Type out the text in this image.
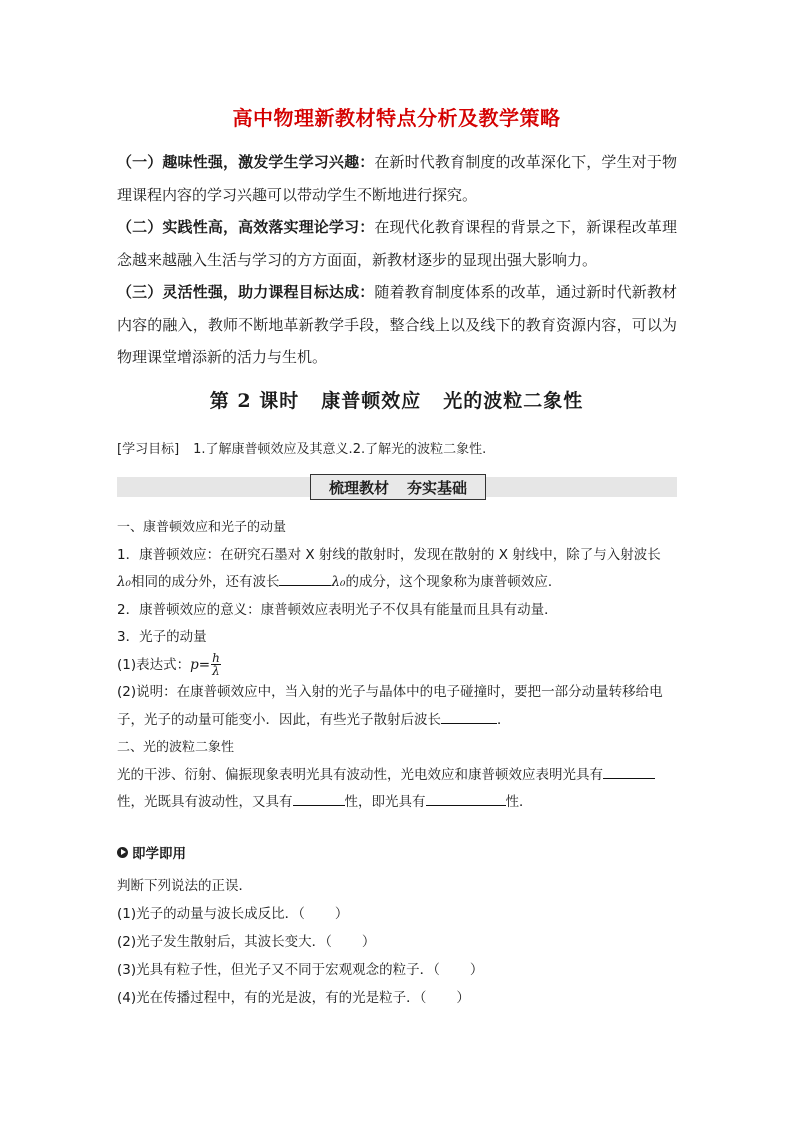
高中物理新教材特点分析及教学策略

（一）趣味性强，激发学生学习兴趣：在新时代教育制度的改革深化下，学生对于物理课程内容的学习兴趣可以带动学生不断地进行探究。

（二）实践性高，高效落实理论学习：在现代化教育课程的背景之下，新课程改革理念越来越融入生活与学习的方方面面，新教材逐步的显现出强大影响力。

（三）灵活性强，助力课程目标达成：随着教育制度体系的改革，通过新时代新教材内容的融入，教师不断地革新教学手段，整合线上以及线下的教育资源内容，可以为物理课堂增添新的活力与生机。

第 2 课时 康普顿效应 光的波粒二象性
[学习目标] 1.了解康普顿效应及其意义.2.了解光的波粒二象性.
梳理教材 夯实基础

一、康普顿效应和光子的动量

1．康普顿效应：在研究石墨对 X 射线的散射时，发现在散射的 X 射线中，除了与入射波长
λ₀相同的成分外，还有波长	λ₀的成分，这个现象称为康普顿效应．

2．康普顿效应的意义：康普顿效应表明光子不仅具有能量而且具有动量．

3．光子的动量

(1)表达式：$p= \frac{h}{\lambda}$

(2)说明：在康普顿效应中，当入射的光子与晶体中的电子碰撞时，要把一部分动量转移给电子，光子的动量可能变小．因此，有些光子散射后波长	．

二、光的波粒二象性

光的干涉、衍射、偏振现象表明光具有波动性，光电效应和康普顿效应表明光具有
性，光既具有波动性，又具有	性，即光具有	性．

即学即用

判断下列说法的正误．

(1)光子的动量与波长成反比．（ ）

(2)光子发生散射后，其波长变大．（ ）

(3)光具有粒子性，但光子又不同于宏观观念的粒子．（ ）

(4)光在传播过程中，有的光是波，有的光是粒子．（ ）
